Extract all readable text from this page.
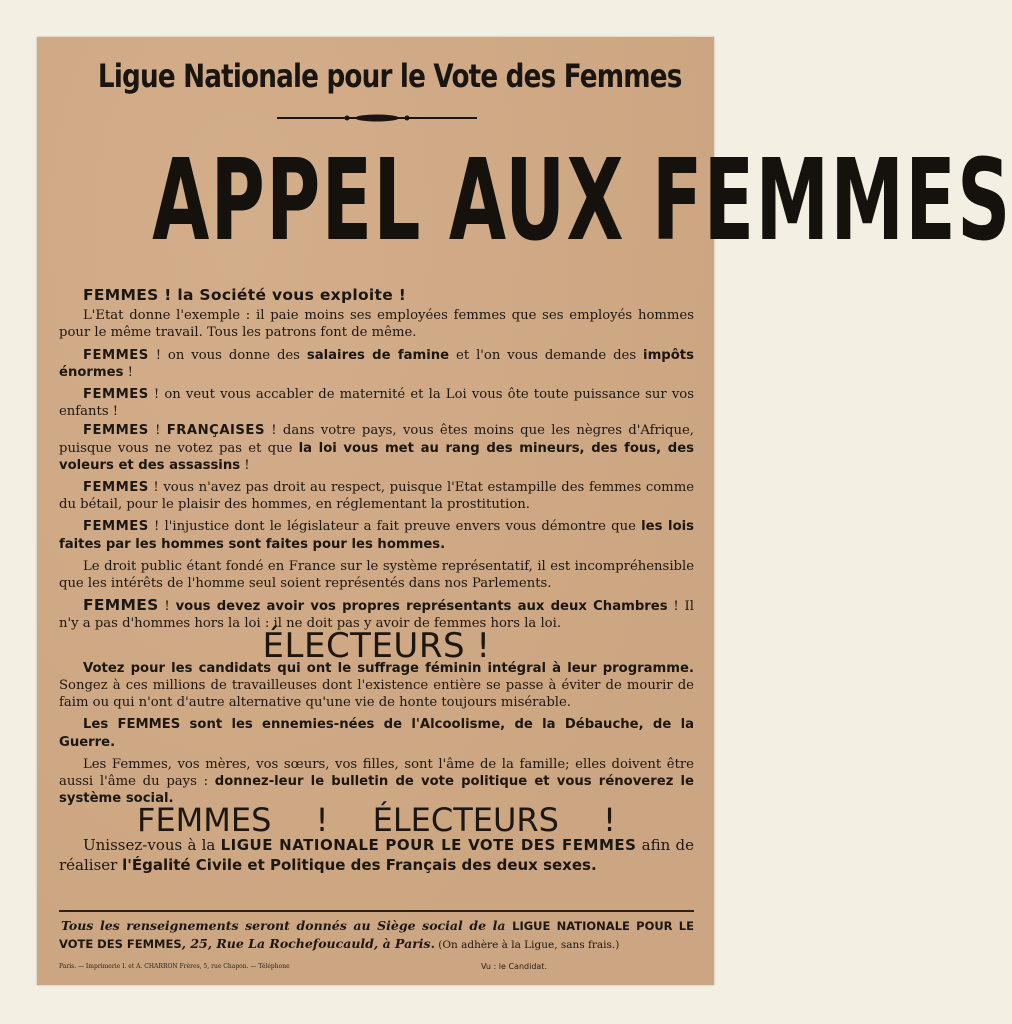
Ligue Nationale pour le Vote des Femmes
APPEL AUX FEMMES

FEMMES ! la Société vous exploite !

L'Etat donne l'exemple : il paie moins ses employées femmes que ses employés hommes pour le même travail. Tous les patrons font de même.

FEMMES ! on vous donne des salaires de famine et l'on vous demande des impôts énormes !

FEMMES ! on veut vous accabler de maternité et la Loi vous ôte toute puissance sur vos enfants !

FEMMES ! FRANÇAISES ! dans votre pays, vous êtes moins que les nègres d'Afrique, puisque vous ne votez pas et que la loi vous met au rang des mineurs, des fous, des voleurs et des assassins !

FEMMES ! vous n'avez pas droit au respect, puisque l'Etat estampille des femmes comme du bétail, pour le plaisir des hommes, en réglementant la prostitution.

FEMMES ! l'injustice dont le législateur a fait preuve envers vous démontre que les lois faites par les hommes sont faites pour les hommes.

Le droit public étant fondé en France sur le système représentatif, il est incompréhensible que les intérêts de l'homme seul soient représentés dans nos Parlements.

FEMMES ! vous devez avoir vos propres représentants aux deux Chambres ! Il n'y a pas d'hommes hors la loi : il ne doit pas y avoir de femmes hors la loi.

ÉLECTEURS !

Votez pour les candidats qui ont le suffrage féminin intégral à leur programme. Songez à ces millions de travailleuses dont l'existence entière se passe à éviter de mourir de faim ou qui n'ont d'autre alternative qu'une vie de honte toujours misérable.

Les FEMMES sont les ennemies-nées de l'Alcoolisme, de la Débauche, de la Guerre.

Les Femmes, vos mères, vos sœurs, vos filles, sont l'âme de la famille; elles doivent être aussi l'âme du pays : donnez-leur le bulletin de vote politique et vous rénoverez le système social.

FEMMES ! ÉLECTEURS !

Unissez-vous à la LIGUE NATIONALE POUR LE VOTE DES FEMMES afin de réaliser l'Égalité Civile et Politique des Français des deux sexes.

Tous les renseignements seront donnés au Siège social de la LIGUE NATIONALE POUR LE VOTE DES FEMMES, 25, Rue La Rochefoucauld, à Paris. (On adhère à la Ligue, sans frais.)
Paris. — Imprimerie I. et A. CHARRON Frères, 5, rue Chapon. — Téléphone	Vu : le Candidat.
